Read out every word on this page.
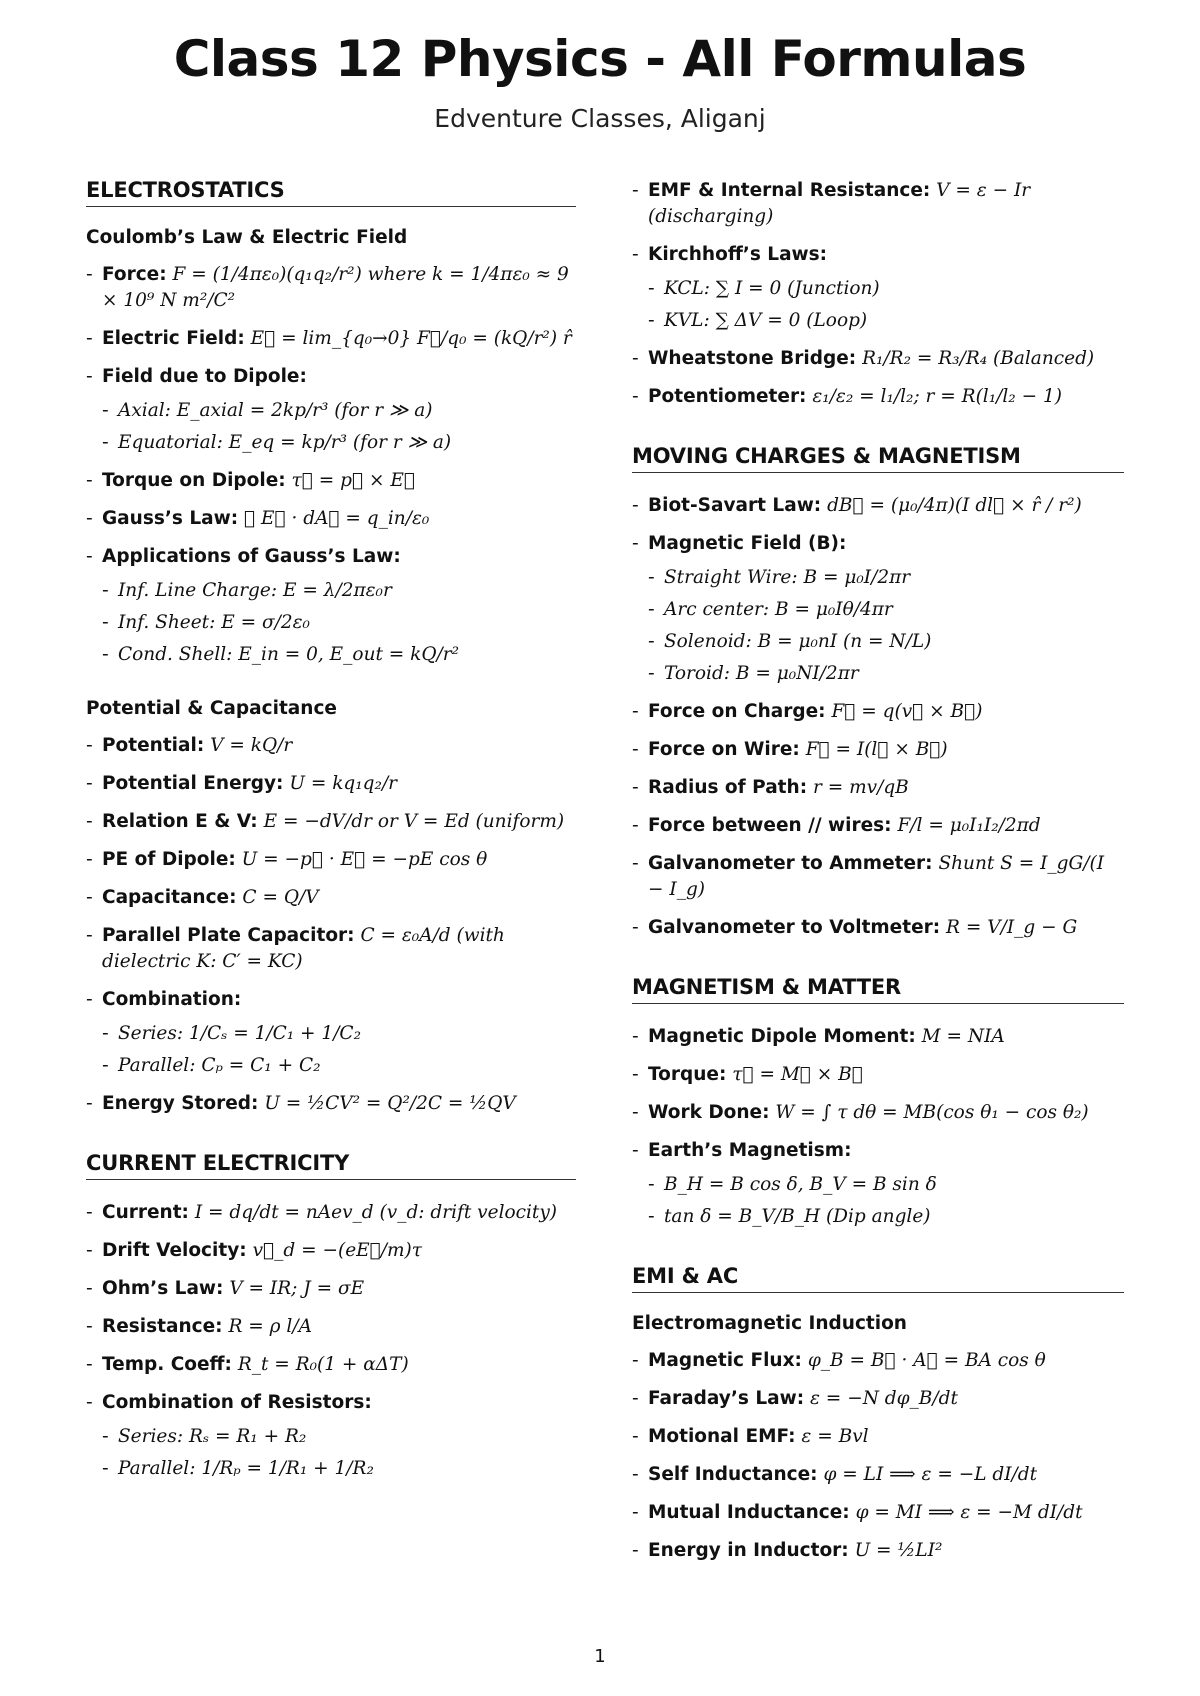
Class 12 Physics - All Formulas
Edventure Classes, Aliganj
ELECTROSTATICS
Coulomb’s Law & Electric Field
- Force: F = (1/4πε₀)(q₁q₂/r²) where k = 1/4πε₀ ≈ 9 × 10⁹ N m²/C²
- Electric Field: E⃗ = lim_{q₀→0} F⃗/q₀ = (kQ/r²) r̂
- Field due to Dipole:
- Axial: E_axial = 2kp/r³ (for r ≫ a)
- Equatorial: E_eq = kp/r³ (for r ≫ a)
- Torque on Dipole: τ⃗ = p⃗ × E⃗
- Gauss’s Law: ∮ E⃗ · dA⃗ = q_in/ε₀
- Applications of Gauss’s Law:
- Inf. Line Charge: E = λ/2πε₀r
- Inf. Sheet: E = σ/2ε₀
- Cond. Shell: E_in = 0, E_out = kQ/r²
Potential & Capacitance
- Potential: V = kQ/r
- Potential Energy: U = kq₁q₂/r
- Relation E & V: E = −dV/dr or V = Ed (uniform)
- PE of Dipole: U = −p⃗ · E⃗ = −pE cos θ
- Capacitance: C = Q/V
- Parallel Plate Capacitor: C = ε₀A/d (with dielectric K: C′ = KC)
- Combination:
- Series: 1/Cₛ = 1/C₁ + 1/C₂
- Parallel: Cₚ = C₁ + C₂
- Energy Stored: U = ½CV² = Q²/2C = ½QV
CURRENT ELECTRICITY
- Current: I = dq/dt = nAev_d (v_d: drift velocity)
- Drift Velocity: v⃗_d = −(eE⃗/m)τ
- Ohm’s Law: V = IR; J = σE
- Resistance: R = ρ l/A
- Temp. Coeff: R_t = R₀(1 + αΔT)
- Combination of Resistors:
- Series: Rₛ = R₁ + R₂
- Parallel: 1/Rₚ = 1/R₁ + 1/R₂
- EMF & Internal Resistance: V = ε − Ir (discharging)
- Kirchhoff’s Laws:
- KCL: ∑ I = 0 (Junction)
- KVL: ∑ ΔV = 0 (Loop)
- Wheatstone Bridge: R₁/R₂ = R₃/R₄ (Balanced)
- Potentiometer: ε₁/ε₂ = l₁/l₂; r = R(l₁/l₂ − 1)
MOVING CHARGES & MAGNETISM
- Biot-Savart Law: dB⃗ = (μ₀/4π)(I dl⃗ × r̂ / r²)
- Magnetic Field (B):
- Straight Wire: B = μ₀I/2πr
- Arc center: B = μ₀Iθ/4πr
- Solenoid: B = μ₀nI (n = N/L)
- Toroid: B = μ₀NI/2πr
- Force on Charge: F⃗ = q(v⃗ × B⃗)
- Force on Wire: F⃗ = I(l⃗ × B⃗)
- Radius of Path: r = mv/qB
- Force between // wires: F/l = μ₀I₁I₂/2πd
- Galvanometer to Ammeter: Shunt S = I_gG/(I − I_g)
- Galvanometer to Voltmeter: R = V/I_g − G
MAGNETISM & MATTER
- Magnetic Dipole Moment: M = NIA
- Torque: τ⃗ = M⃗ × B⃗
- Work Done: W = ∫ τ dθ = MB(cos θ₁ − cos θ₂)
- Earth’s Magnetism:
- B_H = B cos δ, B_V = B sin δ
- tan δ = B_V/B_H (Dip angle)
EMI & AC
Electromagnetic Induction
- Magnetic Flux: φ_B = B⃗ · A⃗ = BA cos θ
- Faraday’s Law: ε = −N dφ_B/dt
- Motional EMF: ε = Bvl
- Self Inductance: φ = LI ⟹ ε = −L dI/dt
- Mutual Inductance: φ = MI ⟹ ε = −M dI/dt
- Energy in Inductor: U = ½LI²
1
